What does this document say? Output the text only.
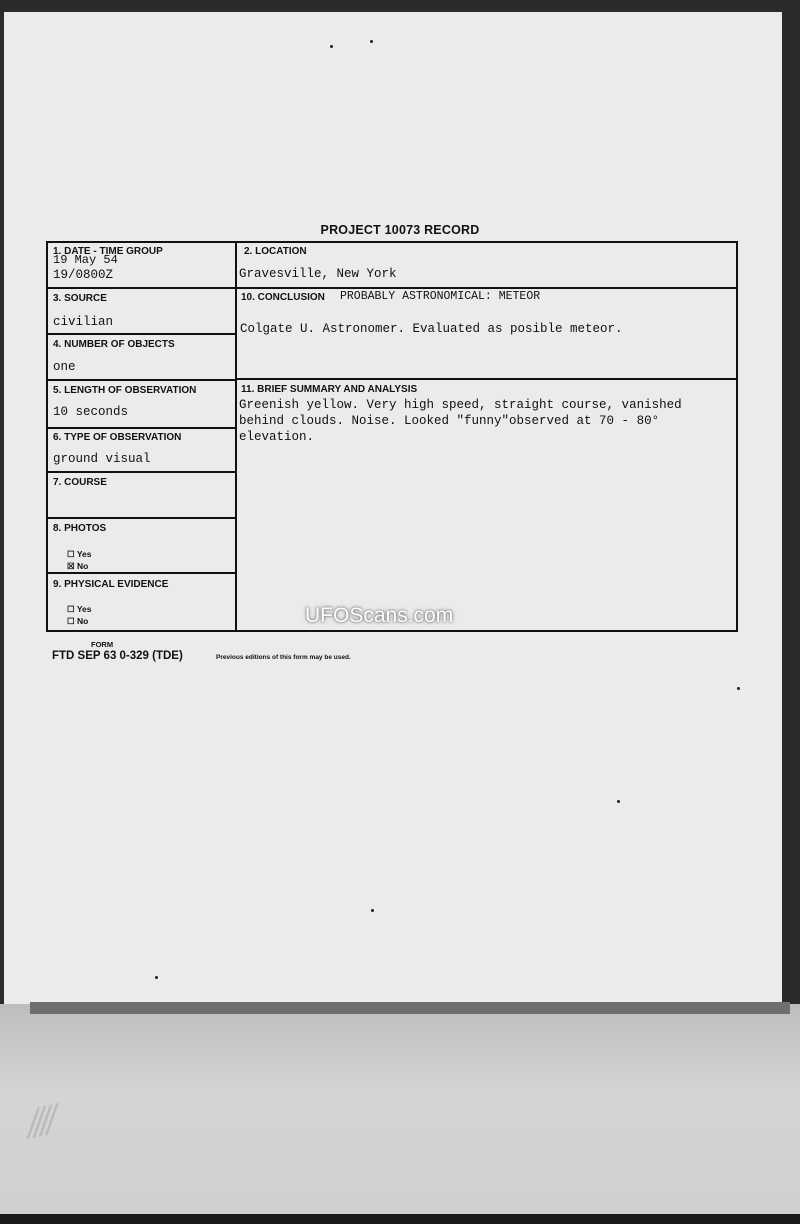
⁄⁄⁄⁄
PROJECT 10073 RECORD
1. DATE - TIME GROUP
19 May 54
19/0800Z
2. LOCATION
Gravesville, New York
3. SOURCE
civilian
4. NUMBER OF OBJECTS
one
5. LENGTH OF OBSERVATION
10 seconds
6. TYPE OF OBSERVATION
ground visual
7. COURSE
8. PHOTOS
☐ Yes
☒ No
9. PHYSICAL EVIDENCE
☐ Yes
☐ No
10. CONCLUSION PROBABLY ASTRONOMICAL: METEOR
Colgate U. Astronomer. Evaluated as posible meteor.
11. BRIEF SUMMARY AND ANALYSIS
Greenish yellow. Very high speed, straight course, vanished
behind clouds. Noise. Looked "funny"observed at 70 - 80°
elevation.
UFOScans.com
FORM
FTD SEP 63 0-329 (TDE)	Previous editions of this form may be used.
